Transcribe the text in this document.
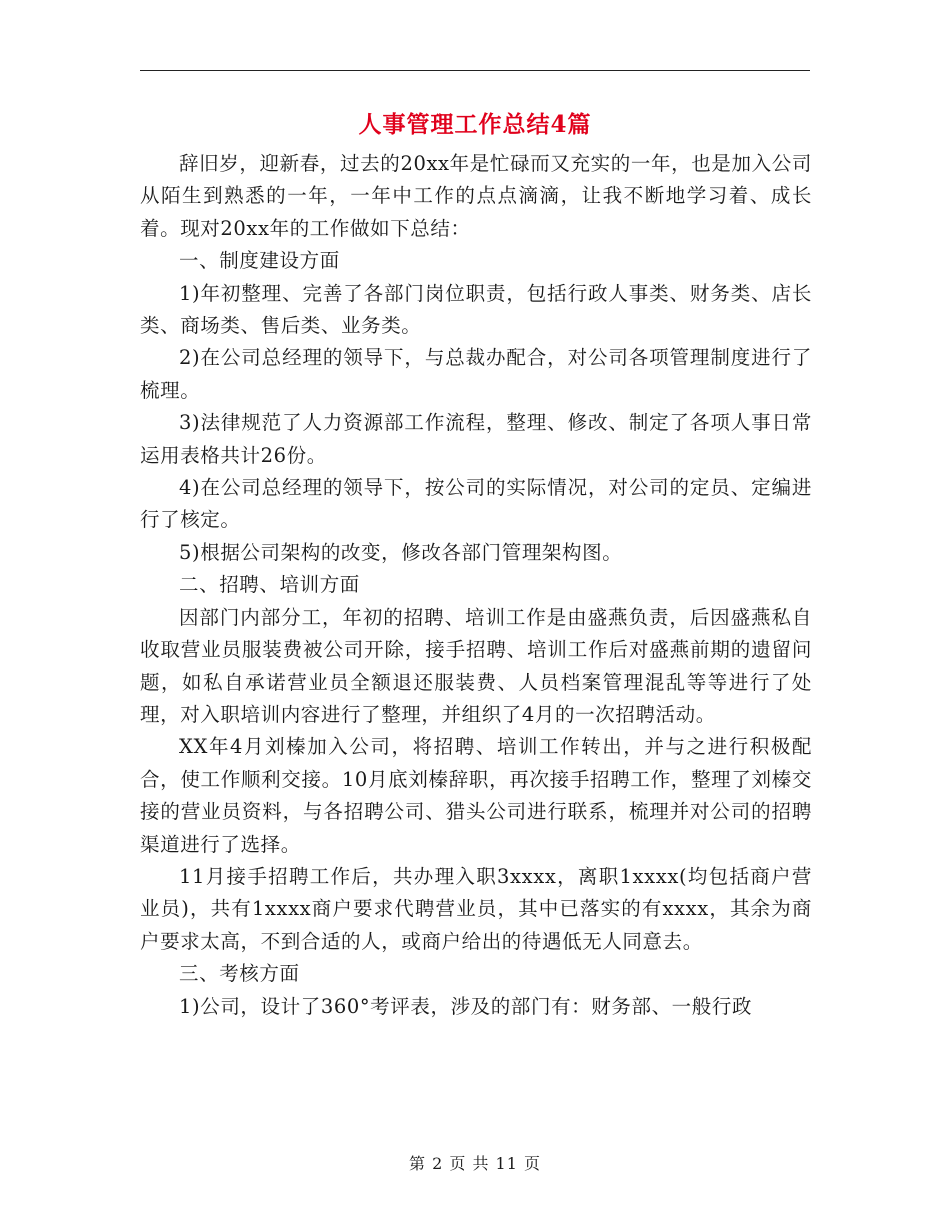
人事管理工作总结4篇

辞旧岁，迎新春，过去的20xx年是忙碌而又充实的一年，也是加入公司从陌生到熟悉的一年，一年中工作的点点滴滴，让我不断地学习着、成长着。现对20xx年的工作做如下总结：

一、制度建设方面

1)年初整理、完善了各部门岗位职责，包括行政人事类、财务类、店长类、商场类、售后类、业务类。

2)在公司总经理的领导下，与总裁办配合，对公司各项管理制度进行了梳理。

3)法律规范了人力资源部工作流程，整理、修改、制定了各项人事日常运用表格共计26份。

4)在公司总经理的领导下，按公司的实际情况，对公司的定员、定编进行了核定。

5)根据公司架构的改变，修改各部门管理架构图。

二、招聘、培训方面

因部门内部分工，年初的招聘、培训工作是由盛燕负责，后因盛燕私自收取营业员服装费被公司开除，接手招聘、培训工作后对盛燕前期的遗留问题，如私自承诺营业员全额退还服装费、人员档案管理混乱等等进行了处理，对入职培训内容进行了整理，并组织了4月的一次招聘活动。

XX年4月刘榛加入公司，将招聘、培训工作转出，并与之进行积极配合，使工作顺利交接。10月底刘榛辞职，再次接手招聘工作，整理了刘榛交接的营业员资料，与各招聘公司、猎头公司进行联系，梳理并对公司的招聘渠道进行了选择。

11月接手招聘工作后，共办理入职3xxxx，离职1xxxx(均包括商户营业员)，共有1xxxx商户要求代聘营业员，其中已落实的有xxxx，其余为商户要求太高，不到合适的人，或商户给出的待遇低无人同意去。

三、考核方面

1)公司，设计了360°考评表，涉及的部门有：财务部、一般行政

第 2 页 共 11 页
